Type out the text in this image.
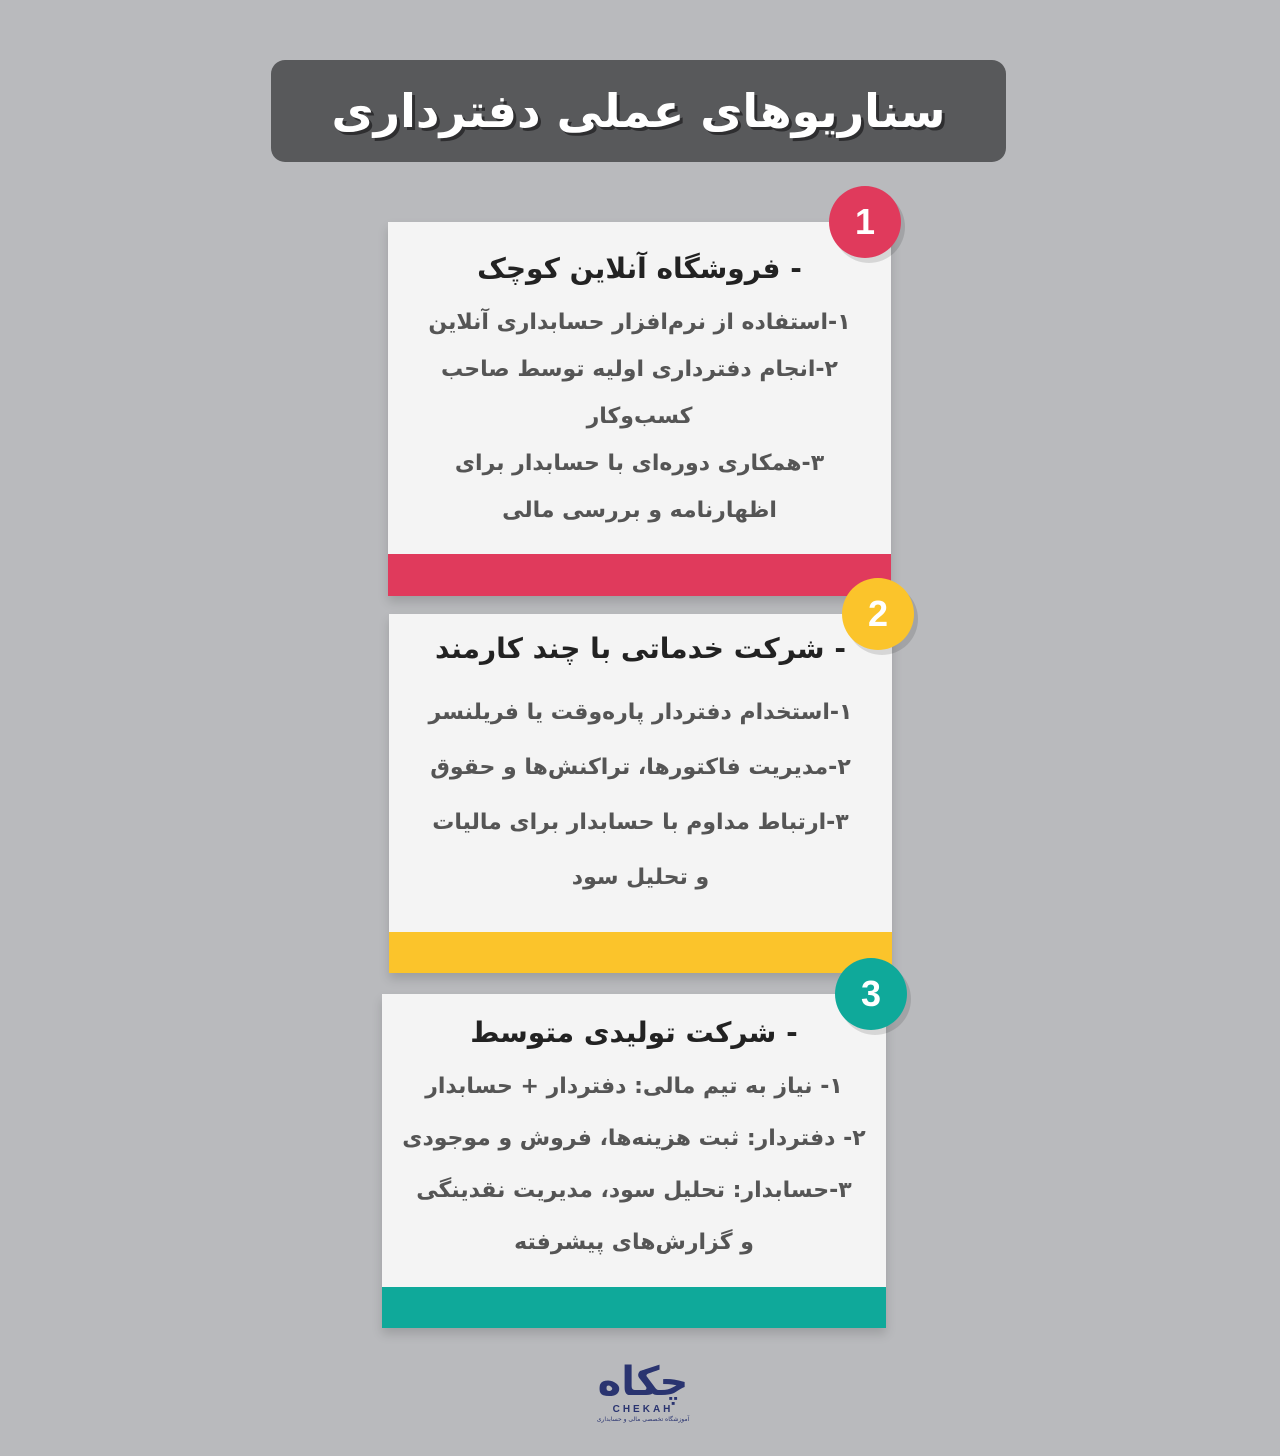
سناریوهای عملی دفترداری

- فروشگاه آنلاین کوچک

۱-استفاده از نرم‌افزار حسابداری آنلاین

۲-انجام دفترداری اولیه توسط صاحب

کسب‌وکار

۳-همکاری دوره‌ای با حسابدار برای

اظهارنامه و بررسی مالی

1

- شرکت خدماتی با چند کارمند

۱-استخدام دفتردار پاره‌وقت یا فریلنسر

۲-مدیریت فاکتورها، تراکنش‌ها و حقوق

۳-ارتباط مداوم با حسابدار برای مالیات

و تحلیل سود

2

- شرکت تولیدی متوسط

۱- نیاز به تیم مالی: دفتردار + حسابدار

۲- دفتردار: ثبت هزینه‌ها، فروش و موجودی

۳-حسابدار: تحلیل سود، مدیریت نقدینگی

و گزارش‌های پیشرفته

3
چکاه
CHEKAH
آموزشگاه تخصصی مالی و حسابداری
